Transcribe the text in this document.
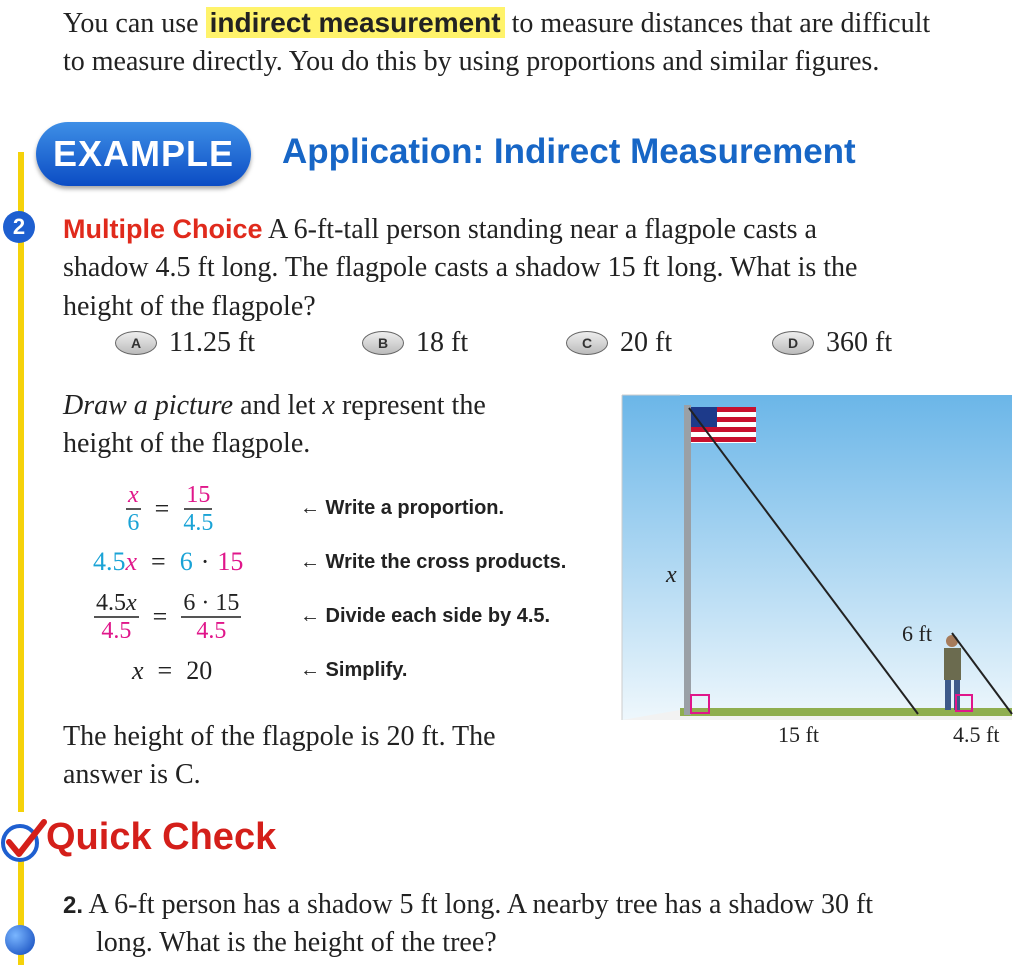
You can use indirect measurement to measure distances that are difficult
to measure directly. You do this by using proportions and similar figures.
EXAMPLE Application: Indirect Measurement
2	Multiple Choice A 6-ft-tall person standing near a flagpole casts a
shadow 4.5 ft long. The flagpole casts a shadow 15 ft long. What is the
height of the flagpole?
A 11.25 ft	B 18 ft	C 20 ft	D 360 ft
Draw a picture and let x represent the
height of the flagpole.
$\frac{x}{6} = \frac{15}{4.5}$	← Write a proportion.
4.5 x = 6 · 15	← Write the cross products.
$\frac{4.5x}{4.5} = \frac{6 \cdot 15}{4.5}$	← Divide each side by 4.5.
x = 20	← Simplify.
The height of the flagpole is 20 ft. The
answer is C.
x
6 ft
15 ft	4.5 ft
Quick Check
2. A 6-ft person has a shadow 5 ft long. A nearby tree has a shadow 30 ft
long. What is the height of the tree?
